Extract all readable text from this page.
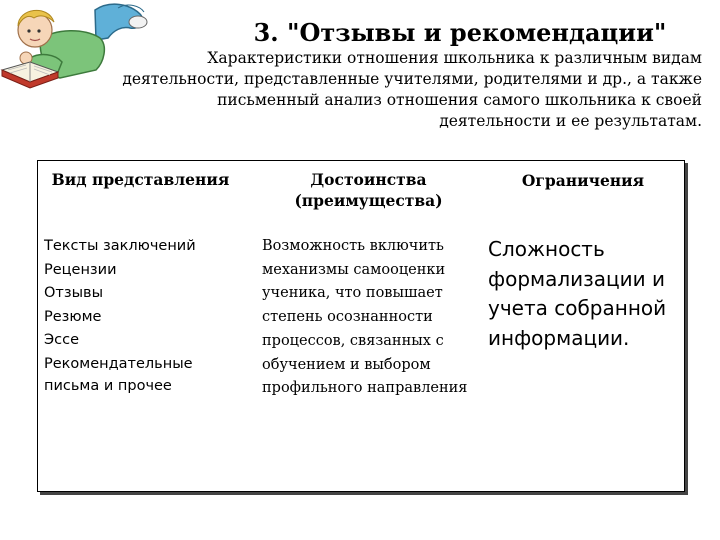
3. "Отзывы и рекомендации"
Характеристики отношения школьника к различным видам деятельности, представленные учителями, родителями и др., а также письменный анализ отношения самого школьника к своей деятельности и ее результатам.
Вид представления	Достоинства (преимущества)
Ограничения
Тексты заключений
Рецензии
Отзывы
Резюме
Эссе
Рекомендательные письма и прочее
Возможность включить механизмы самооценки ученика, что повышает степень осознанности процессов, связанных с обучением и выбором профильного направления
Сложность формализации и учета собранной информации.
